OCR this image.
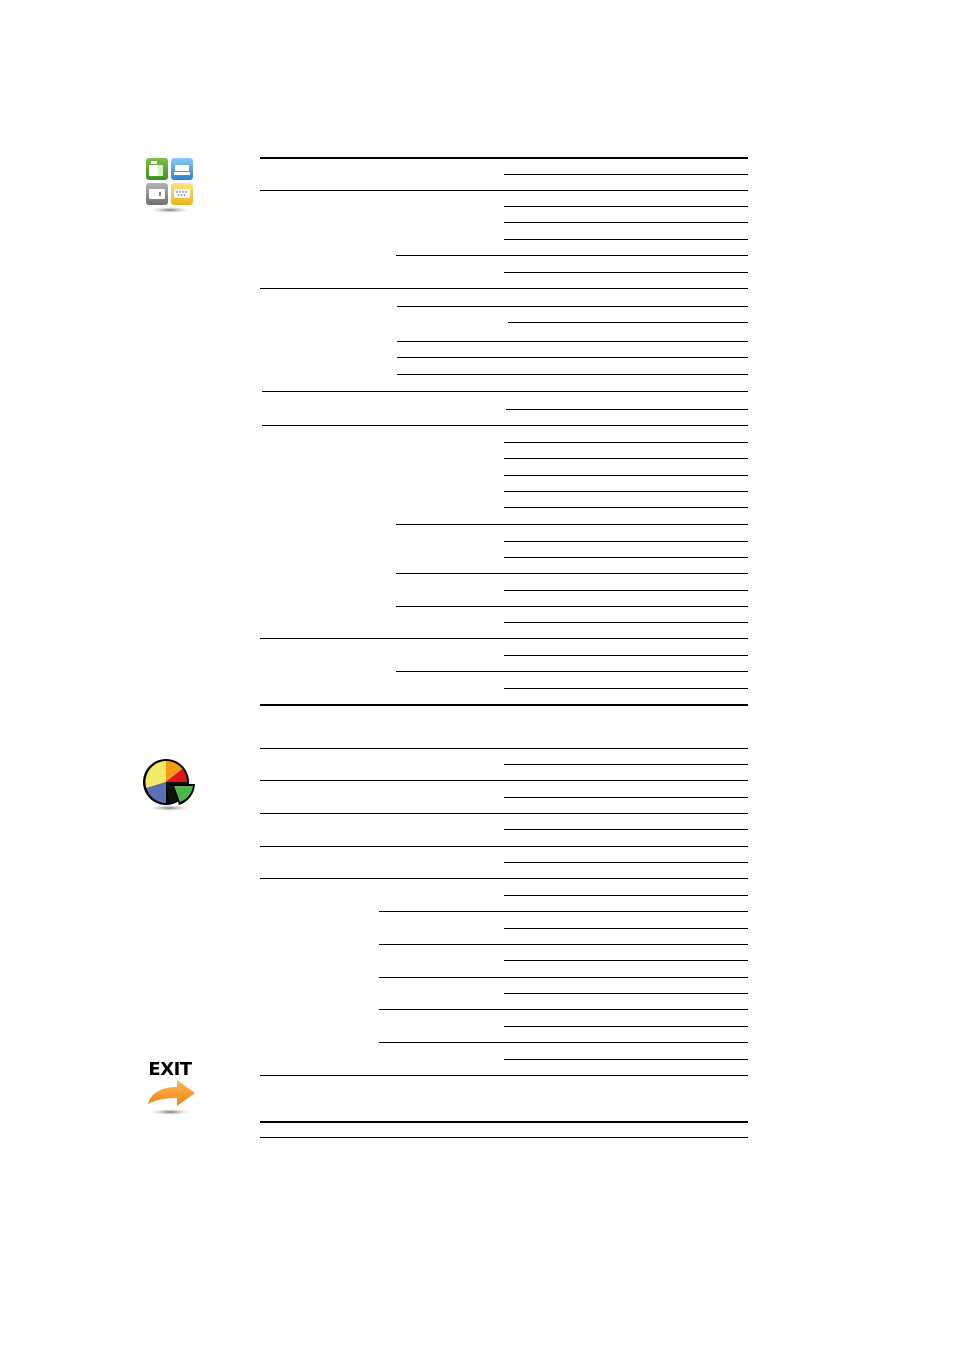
EXIT
